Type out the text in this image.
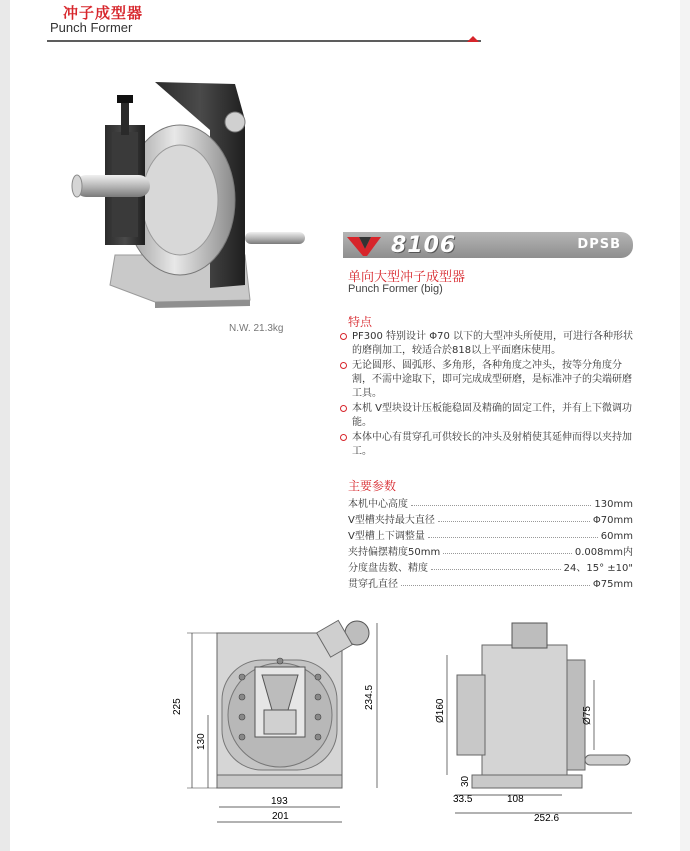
冲子成型器
Punch Former
N.W. 21.3kg
8106	DPSB
单向大型冲子成型器
Punch Former (big)
特点
PF300 特别设计 Φ70 以下的大型冲头所使用，可进行各种形状的磨削加工，较适合於818以上平面磨床使用。
无论圆形、圆弧形、多角形，各种角度之冲头，按等分角度分割，不需中途取下，即可完成成型研磨，是标准冲子的尖端研磨工具。
本机 V型块设计压板能稳固及精确的固定工件，并有上下微调功能。
本体中心有贯穿孔可供较长的冲头及射梢使其延伸而得以夹持加工。
主要参数
本机中心高度	130mm
V型槽夹持最大直径	Φ70mm
V型槽上下调整量	60mm
夹持偏摆精度50mm	0.008mm内
分度盘齿数、精度	24、15° ±10"
贯穿孔直径	Φ75mm
225
130
234.5
193
201
Ø160	Ø75
30
33.5	108
252.6
